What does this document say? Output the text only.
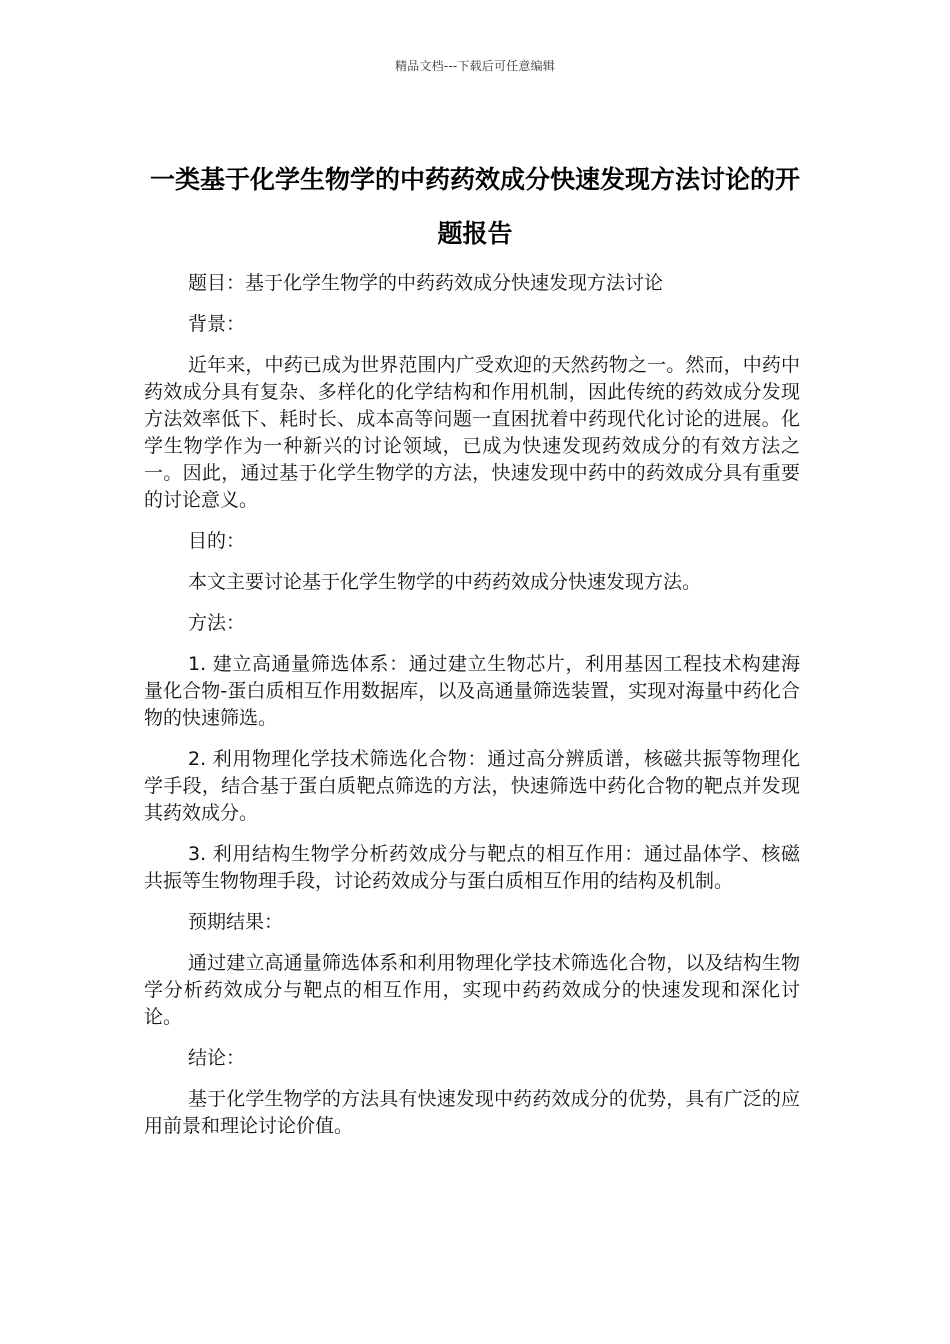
精品文档---下载后可任意编辑
一类基于化学生物学的中药药效成分快速发现方法讨论的开题报告

题目：基于化学生物学的中药药效成分快速发现方法讨论

背景：

近年来，中药已成为世界范围内广受欢迎的天然药物之一。然而，中药中药效成分具有复杂、多样化的化学结构和作用机制，因此传统的药效成分发现方法效率低下、耗时长、成本高等问题一直困扰着中药现代化讨论的进展。化学生物学作为一种新兴的讨论领域，已成为快速发现药效成分的有效方法之一。因此，通过基于化学生物学的方法，快速发现中药中的药效成分具有重要的讨论意义。

目的：

本文主要讨论基于化学生物学的中药药效成分快速发现方法。

方法：

1. 建立高通量筛选体系：通过建立生物芯片，利用基因工程技术构建海量化合物-蛋白质相互作用数据库，以及高通量筛选装置，实现对海量中药化合物的快速筛选。

2. 利用物理化学技术筛选化合物：通过高分辨质谱，核磁共振等物理化学手段，结合基于蛋白质靶点筛选的方法，快速筛选中药化合物的靶点并发现其药效成分。

3. 利用结构生物学分析药效成分与靶点的相互作用：通过晶体学、核磁共振等生物物理手段，讨论药效成分与蛋白质相互作用的结构及机制。

预期结果：

通过建立高通量筛选体系和利用物理化学技术筛选化合物，以及结构生物学分析药效成分与靶点的相互作用，实现中药药效成分的快速发现和深化讨论。

结论：

基于化学生物学的方法具有快速发现中药药效成分的优势，具有广泛的应用前景和理论讨论价值。
